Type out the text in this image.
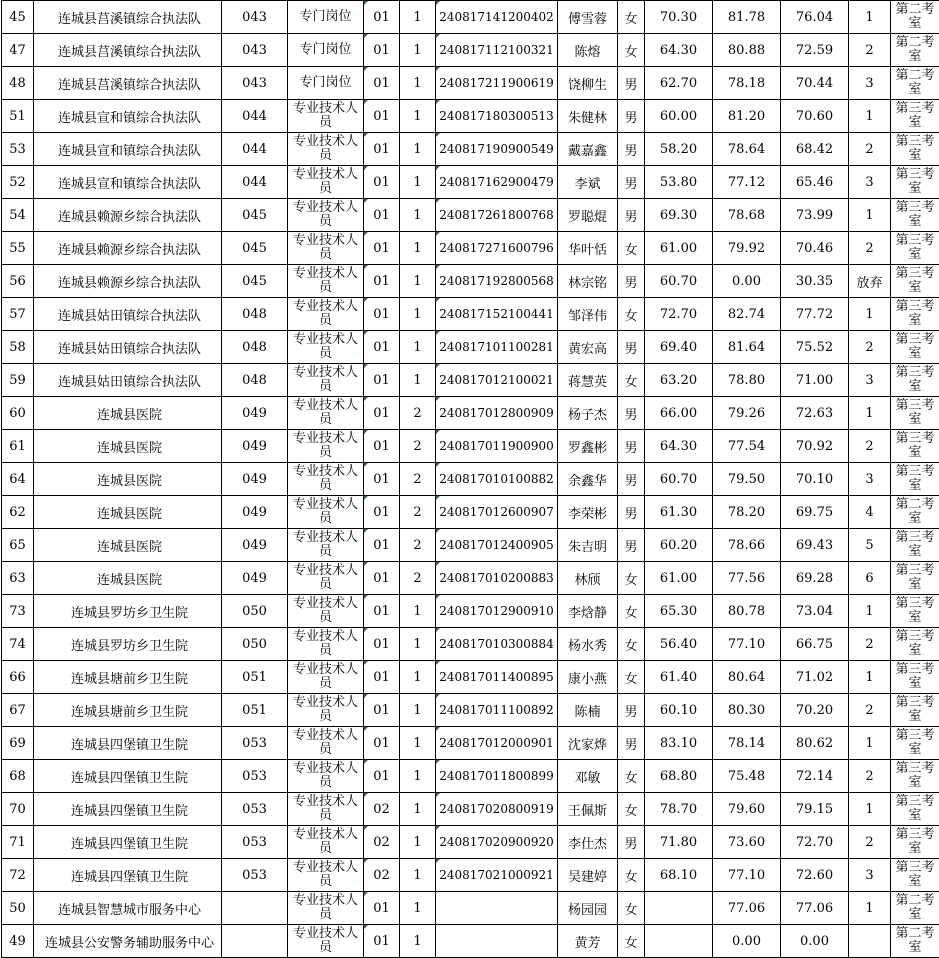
45	连城县莒溪镇综合执法队	043	专门岗位	01	1	240817141200402	傅雪蓉	女	70.30	81.78	76.04	1	第二考室
47	连城县莒溪镇综合执法队	043	专门岗位	01	1	240817112100321	陈熔	女	64.30	80.88	72.59	2	第二考室
48	连城县莒溪镇综合执法队	043	专门岗位	01	1	240817211900619	饶柳生	男	62.70	78.18	70.44	3	第二考室
51	连城县宣和镇综合执法队	044	专业技术人员	01	1	240817180300513	朱健林	男	60.00	81.20	70.60	1	第三考室
53	连城县宣和镇综合执法队	044	专业技术人员	01	1	240817190900549	戴嘉鑫	男	58.20	78.64	68.42	2	第三考室
52	连城县宣和镇综合执法队	044	专业技术人员	01	1	240817162900479	李斌	男	53.80	77.12	65.46	3	第三考室
54	连城县赖源乡综合执法队	045	专业技术人员	01	1	240817261800768	罗聪焜	男	69.30	78.68	73.99	1	第三考室
55	连城县赖源乡综合执法队	045	专业技术人员	01	1	240817271600796	华叶恬	女	61.00	79.92	70.46	2	第三考室
56	连城县赖源乡综合执法队	045	专业技术人员	01	1	240817192800568	林宗铭	男	60.70	0.00	30.35	放弃	第三考室
57	连城县姑田镇综合执法队	048	专业技术人员	01	1	240817152100441	邹泽伟	女	72.70	82.74	77.72	1	第三考室
58	连城县姑田镇综合执法队	048	专业技术人员	01	1	240817101100281	黄宏高	男	69.40	81.64	75.52	2	第三考室
59	连城县姑田镇综合执法队	048	专业技术人员	01	1	240817012100021	蒋慧英	女	63.20	78.80	71.00	3	第三考室
60	连城县医院	049	专业技术人员	01	2	240817012800909	杨子杰	男	66.00	79.26	72.63	1	第三考室
61	连城县医院	049	专业技术人员	01	2	240817011900900	罗鑫彬	男	64.30	77.54	70.92	2	第三考室
64	连城县医院	049	专业技术人员	01	2	240817010100882	余鑫华	男	60.70	79.50	70.10	3	第三考室
62	连城县医院	049	专业技术人员	01	2	240817012600907	李荣彬	男	61.30	78.20	69.75	4	第二考室
65	连城县医院	049	专业技术人员	01	2	240817012400905	朱吉明	男	60.20	78.66	69.43	5	第三考室
63	连城县医院	049	专业技术人员	01	2	240817010200883	林颀	女	61.00	77.56	69.28	6	第三考室
73	连城县罗坊乡卫生院	050	专业技术人员	01	1	240817012900910	李焓静	女	65.30	80.78	73.04	1	第三考室
74	连城县罗坊乡卫生院	050	专业技术人员	01	1	240817010300884	杨水秀	女	56.40	77.10	66.75	2	第三考室
66	连城县塘前乡卫生院	051	专业技术人员	01	1	240817011400895	康小燕	女	61.40	80.64	71.02	1	第三考室
67	连城县塘前乡卫生院	051	专业技术人员	01	1	240817011100892	陈楠	男	60.10	80.30	70.20	2	第三考室
69	连城县四堡镇卫生院	053	专业技术人员	01	1	240817012000901	沈家烨	男	83.10	78.14	80.62	1	第三考室
68	连城县四堡镇卫生院	053	专业技术人员	01	1	240817011800899	邓敏	女	68.80	75.48	72.14	2	第三考室
70	连城县四堡镇卫生院	053	专业技术人员	02	1	240817020800919	王佩斯	女	78.70	79.60	79.15	1	第三考室
71	连城县四堡镇卫生院	053	专业技术人员	02	1	240817020900920	李仕杰	男	71.80	73.60	72.70	2	第三考室
72	连城县四堡镇卫生院	053	专业技术人员	02	1	240817021000921	吴建婷	女	68.10	77.10	72.60	3	第三考室
50	连城县智慧城市服务中心		专业技术人员	01	1		杨园园	女		77.06	77.06	1	第二考室
49	连城县公安警务辅助服务中心		专业技术人员	01	1		黄芳	女		0.00	0.00		第二考室
